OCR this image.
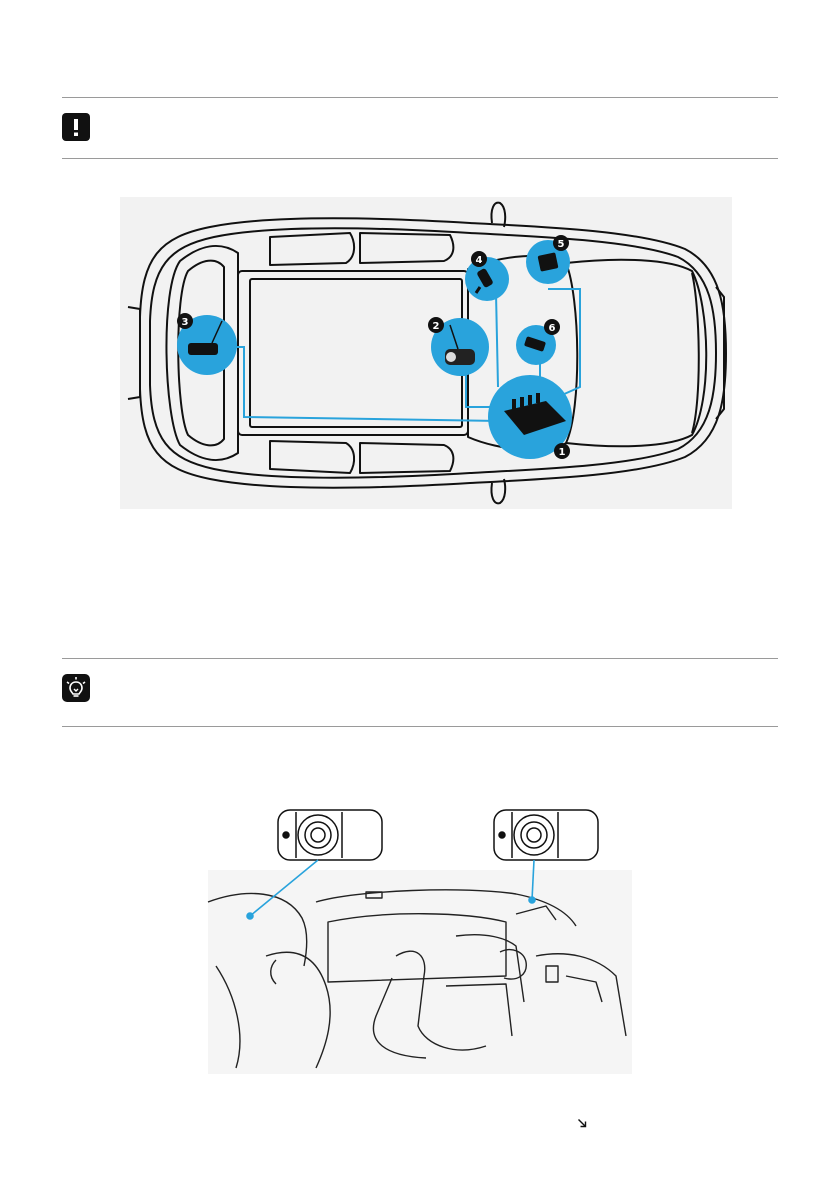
3	2
4
5
6
1
